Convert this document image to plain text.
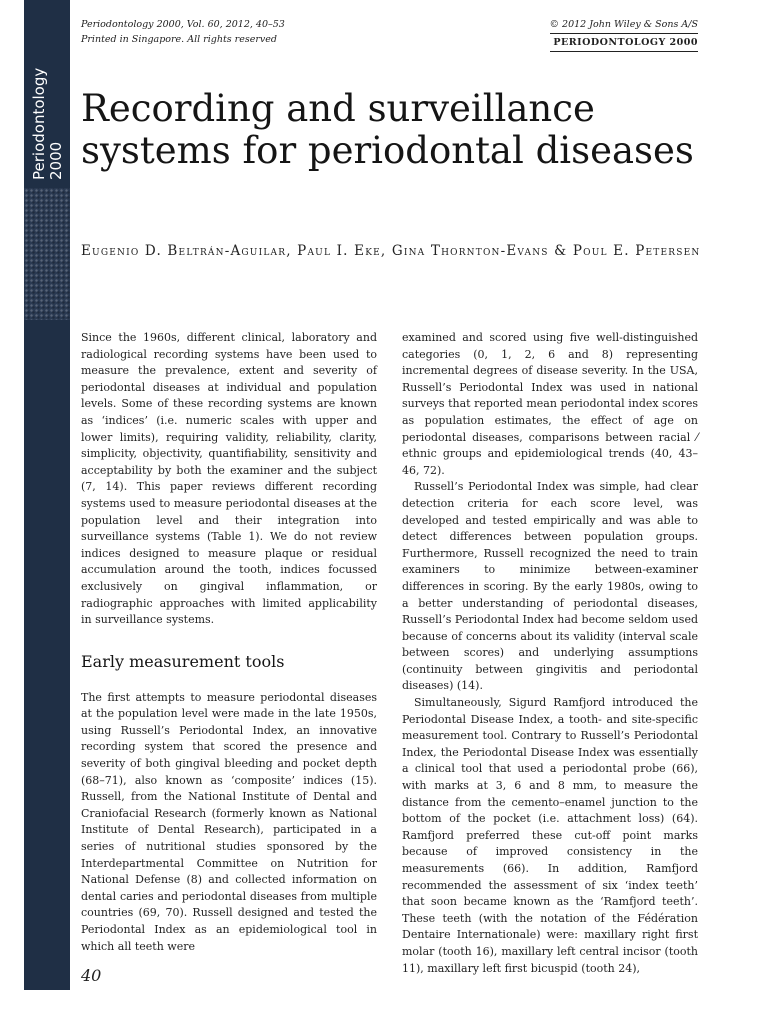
Periodontology 2000
Periodontology 2000, Vol. 60, 2012, 40–53
Printed in Singapore. All rights reserved
© 2012 John Wiley & Sons A/S
PERIODONTOLOGY 2000
Recording and surveillance systems for periodontal diseases
Eugenio D. Beltrán-Aguilar, Paul I. Eke, Gina Thornton-Evans & Poul E. Petersen

Since the 1960s, different clinical, laboratory and radiological recording systems have been used to measure the prevalence, extent and severity of periodontal diseases at individual and population levels. Some of these recording systems are known as ‘indices’ (i.e. numeric scales with upper and lower limits), requiring validity, reliability, clarity, simplicity, objectivity, quantifiability, sensitivity and acceptability by both the examiner and the subject (7, 14). This paper reviews different recording systems used to measure periodontal diseases at the population level and their integration into surveillance systems (Table 1). We do not review indices designed to measure plaque or residual accumulation around the tooth, indices focussed exclusively on gingival inflammation, or radiographic approaches with limited applicability in surveillance systems.

Early measurement tools

The first attempts to measure periodontal diseases at the population level were made in the late 1950s, using Russell’s Periodontal Index, an innovative recording system that scored the presence and severity of both gingival bleeding and pocket depth (68–71), also known as ‘composite’ indices (15). Russell, from the National Institute of Dental and Craniofacial Research (formerly known as National Institute of Dental Research), participated in a series of nutritional studies sponsored by the Interdepartmental Committee on Nutrition for National Defense (8) and collected information on dental caries and periodontal diseases from multiple countries (69, 70). Russell designed and tested the Periodontal Index as an epidemiological tool in which all teeth were

examined and scored using five well-distinguished categories (0, 1, 2, 6 and 8) representing incremental degrees of disease severity. In the USA, Russell’s Periodontal Index was used in national surveys that reported mean periodontal index scores as population estimates, the effect of age on periodontal diseases, comparisons between racial ⁄ ethnic groups and epidemiological trends (40, 43–46, 72).

Russell’s Periodontal Index was simple, had clear detection criteria for each score level, was developed and tested empirically and was able to detect differences between population groups. Furthermore, Russell recognized the need to train examiners to minimize between-examiner differences in scoring. By the early 1980s, owing to a better understanding of periodontal diseases, Russell’s Periodontal Index had become seldom used because of concerns about its validity (interval scale between scores) and underlying assumptions (continuity between gingivitis and periodontal diseases) (14).

Simultaneously, Sigurd Ramfjord introduced the Periodontal Disease Index, a tooth- and site-specific measurement tool. Contrary to Russell’s Periodontal Index, the Periodontal Disease Index was essentially a clinical tool that used a periodontal probe (66), with marks at 3, 6 and 8 mm, to measure the distance from the cemento–enamel junction to the bottom of the pocket (i.e. attachment loss) (64). Ramfjord preferred these cut-off point marks because of improved consistency in the measurements (66). In addition, Ramfjord recommended the assessment of six ‘index teeth’ that soon became known as the ‘Ramfjord teeth’. These teeth (with the notation of the Fédération Dentaire Internationale) were: maxillary right first molar (tooth 16), maxillary left central incisor (tooth 11), maxillary left first bicuspid (tooth 24),

40
